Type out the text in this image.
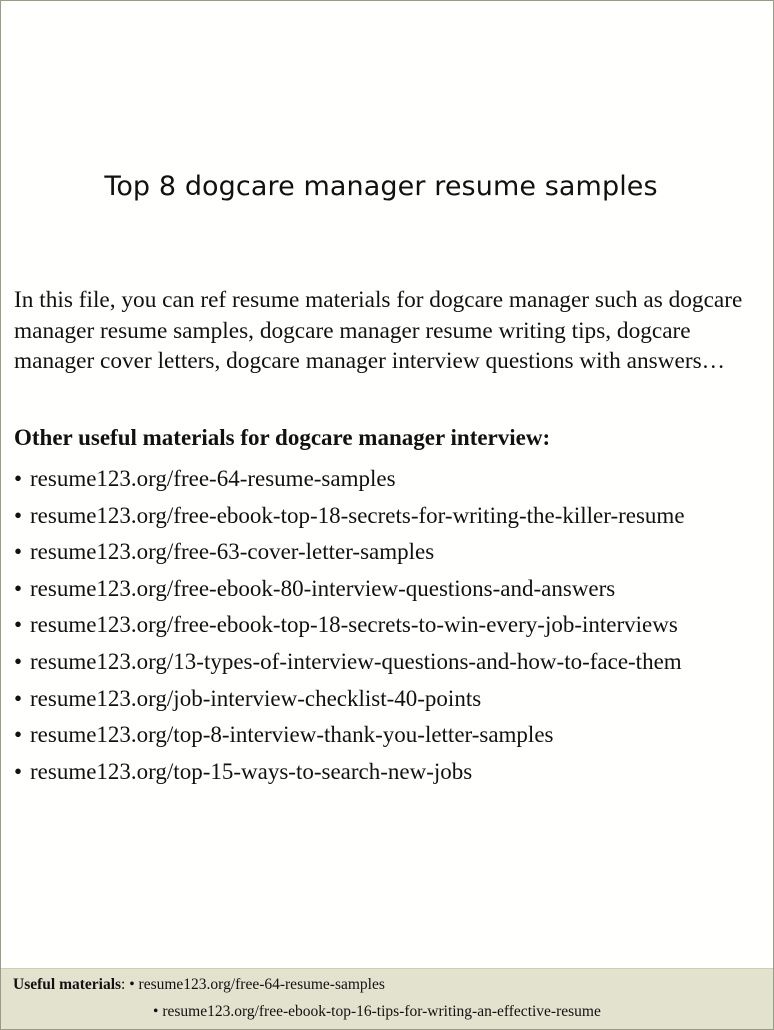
Top 8 dogcare manager resume samples

In this file, you can ref resume materials for dogcare manager such as dogcare manager resume samples, dogcare manager resume writing tips, dogcare manager cover letters, dogcare manager interview questions with answers…

Other useful materials for dogcare manager interview:
• resume123.org/free-64-resume-samples
• resume123.org/free-ebook-top-18-secrets-for-writing-the-killer-resume
• resume123.org/free-63-cover-letter-samples
• resume123.org/free-ebook-80-interview-questions-and-answers
• resume123.org/free-ebook-top-18-secrets-to-win-every-job-interviews
• resume123.org/13-types-of-interview-questions-and-how-to-face-them
• resume123.org/job-interview-checklist-40-points
• resume123.org/top-8-interview-thank-you-letter-samples
• resume123.org/top-15-ways-to-search-new-jobs
Useful materials: • resume123.org/free-64-resume-samples
• resume123.org/free-ebook-top-16-tips-for-writing-an-effective-resume
